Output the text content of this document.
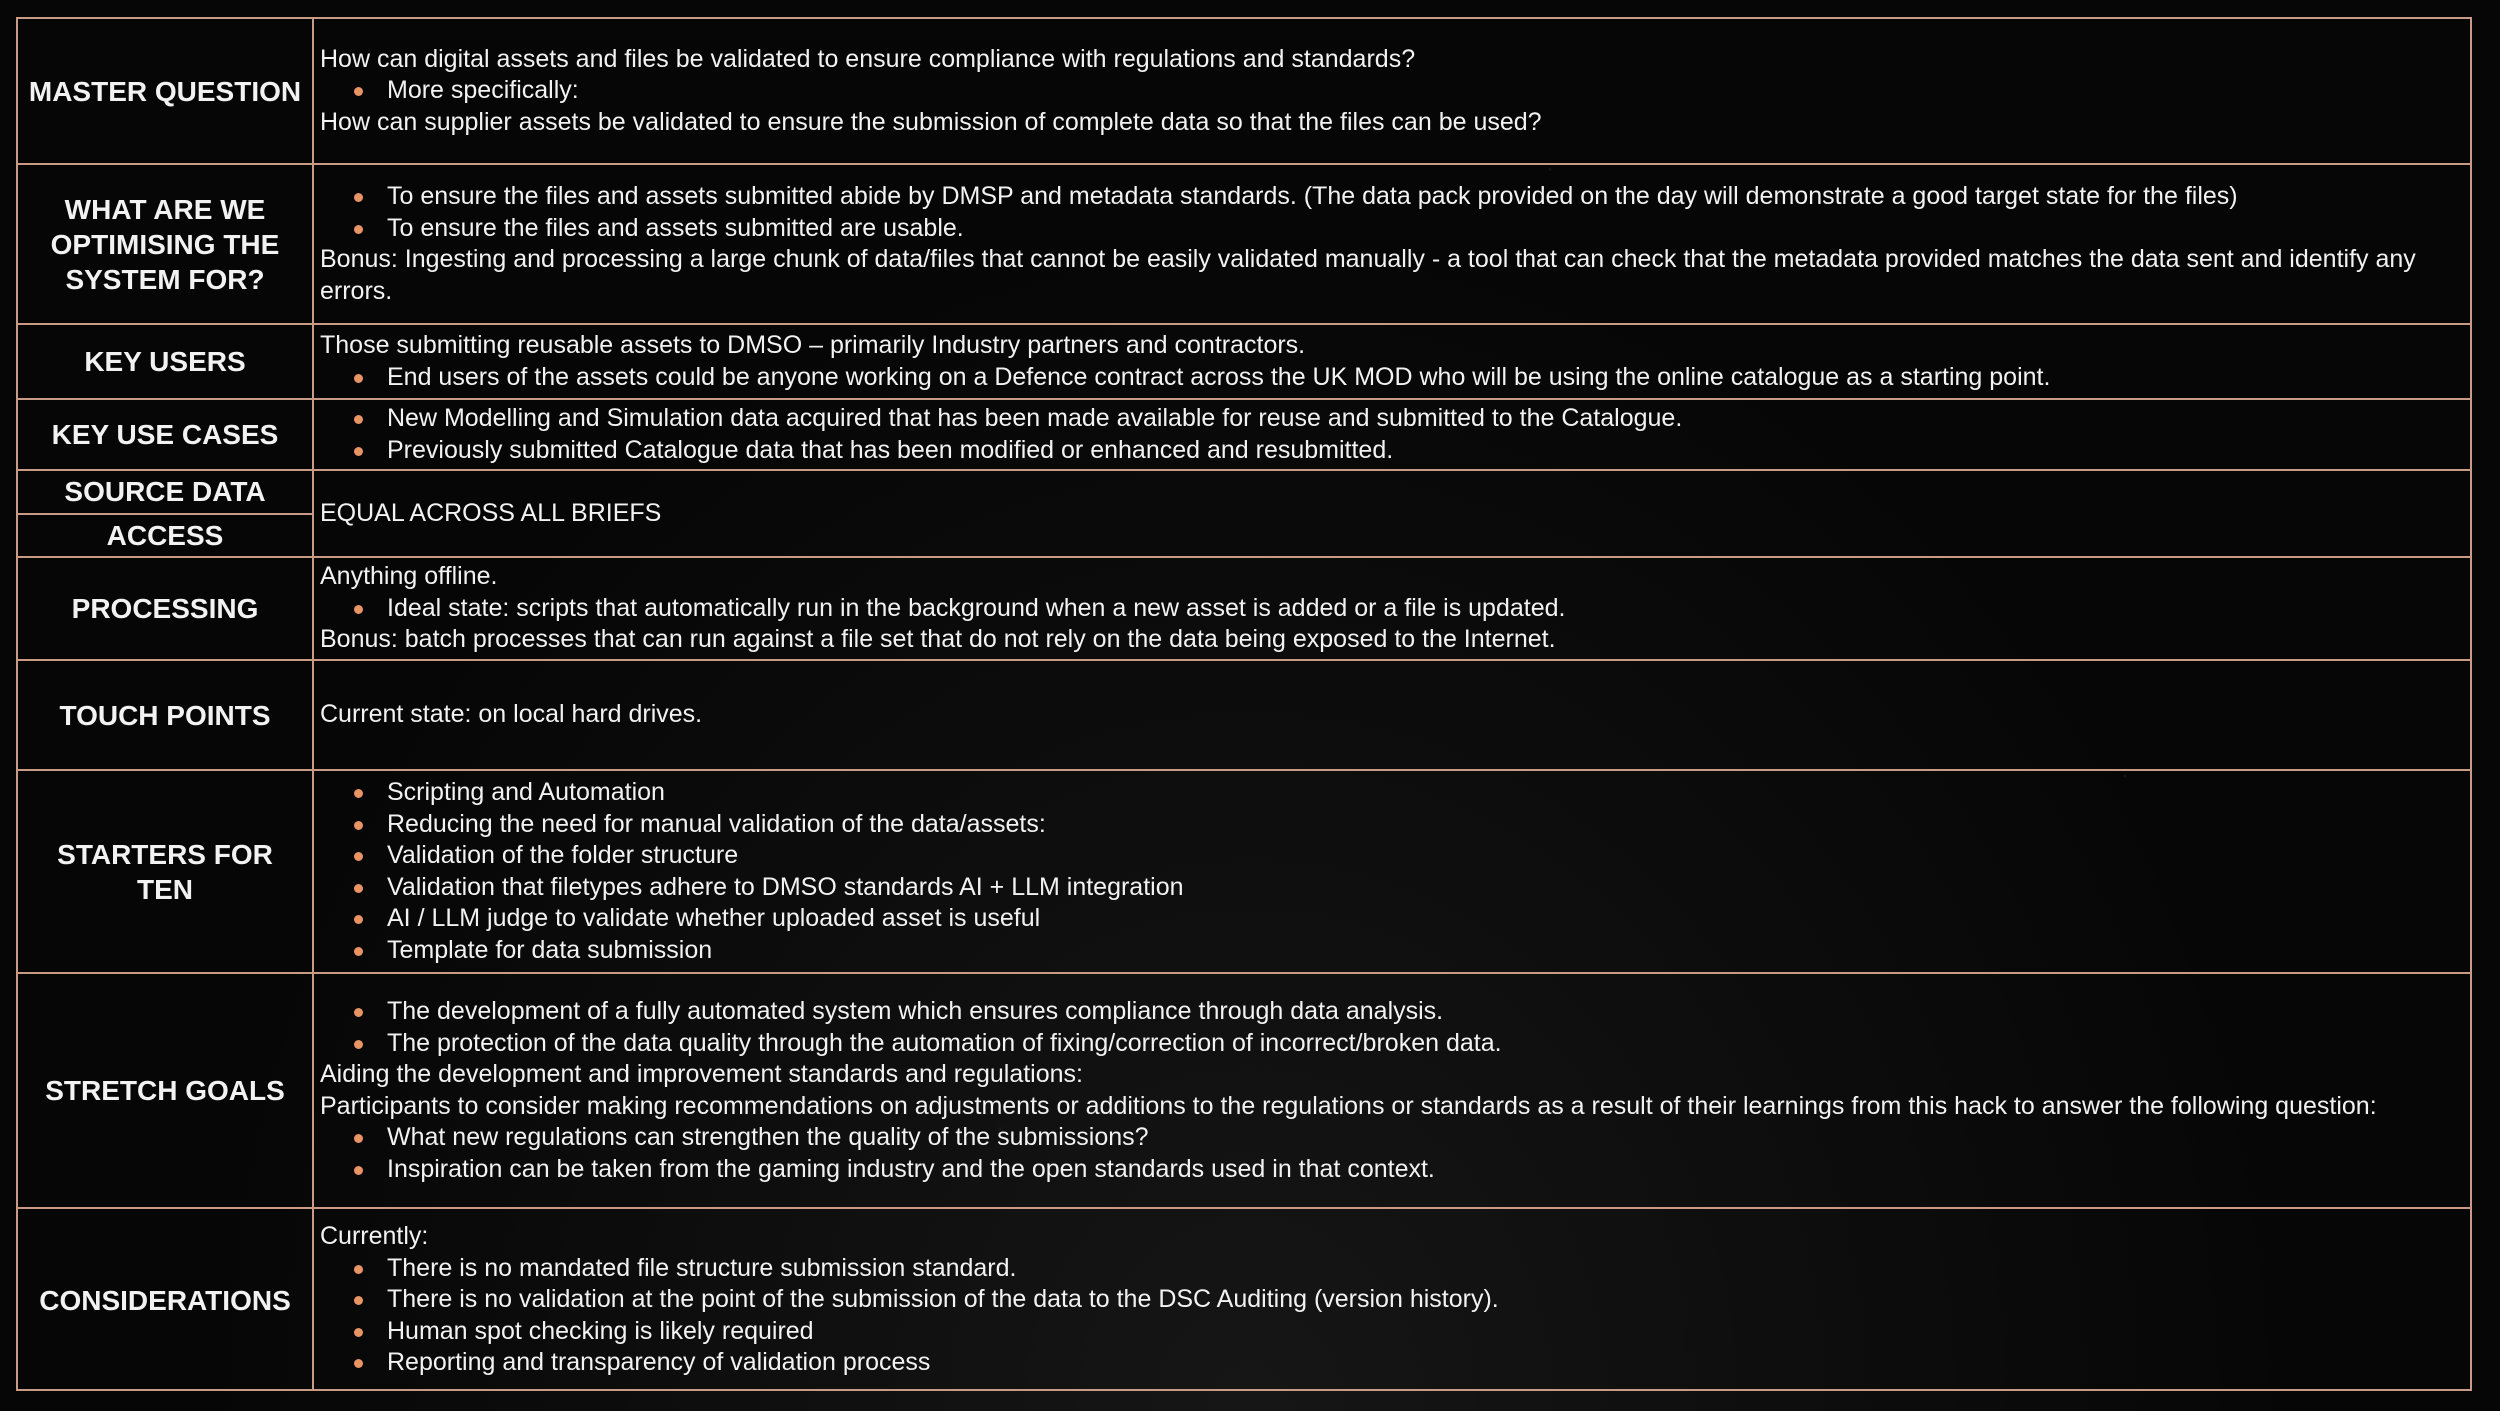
MASTER QUESTION

How can digital assets and files be validated to ensure compliance with regulations and standards?

More specifically:

How can supplier assets be validated to ensure the submission of complete data so that the files can be used?

WHAT ARE WE OPTIMISING THE SYSTEM FOR?

To ensure the files and assets submitted abide by DMSP and metadata standards. (The data pack provided on the day will demonstrate a good target state for the files)

To ensure the files and assets submitted are usable.

Bonus: Ingesting and processing a large chunk of data/files that cannot be easily validated manually - a tool that can check that the metadata provided matches the data sent and identify any errors.

KEY USERS

Those submitting reusable assets to DMSO – primarily Industry partners and contractors.

End users of the assets could be anyone working on a Defence contract across the UK MOD who will be using the online catalogue as a starting point.

KEY USE CASES

New Modelling and Simulation data acquired that has been made available for reuse and submitted to the Catalogue.

Previously submitted Catalogue data that has been modified or enhanced and resubmitted.

SOURCE DATA
ACCESS

EQUAL ACROSS ALL BRIEFS

PROCESSING

Anything offline.

Ideal state: scripts that automatically run in the background when a new asset is added or a file is updated.

Bonus: batch processes that can run against a file set that do not rely on the data being exposed to the Internet.

TOUCH POINTS	Current state: on local hard drives.

STARTERS FOR TEN

Scripting and Automation

Reducing the need for manual validation of the data/assets:

Validation of the folder structure

Validation that filetypes adhere to DMSO standards AI + LLM integration

AI / LLM judge to validate whether uploaded asset is useful

Template for data submission

STRETCH GOALS

The development of a fully automated system which ensures compliance through data analysis.

The protection of the data quality through the automation of fixing/correction of incorrect/broken data.

Aiding the development and improvement standards and regulations:

Participants to consider making recommendations on adjustments or additions to the regulations or standards as a result of their learnings from this hack to answer the following question:

What new regulations can strengthen the quality of the submissions?

Inspiration can be taken from the gaming industry and the open standards used in that context.

CONSIDERATIONS

Currently:

There is no mandated file structure submission standard.

There is no validation at the point of the submission of the data to the DSC Auditing (version history).

Human spot checking is likely required

Reporting and transparency of validation process
